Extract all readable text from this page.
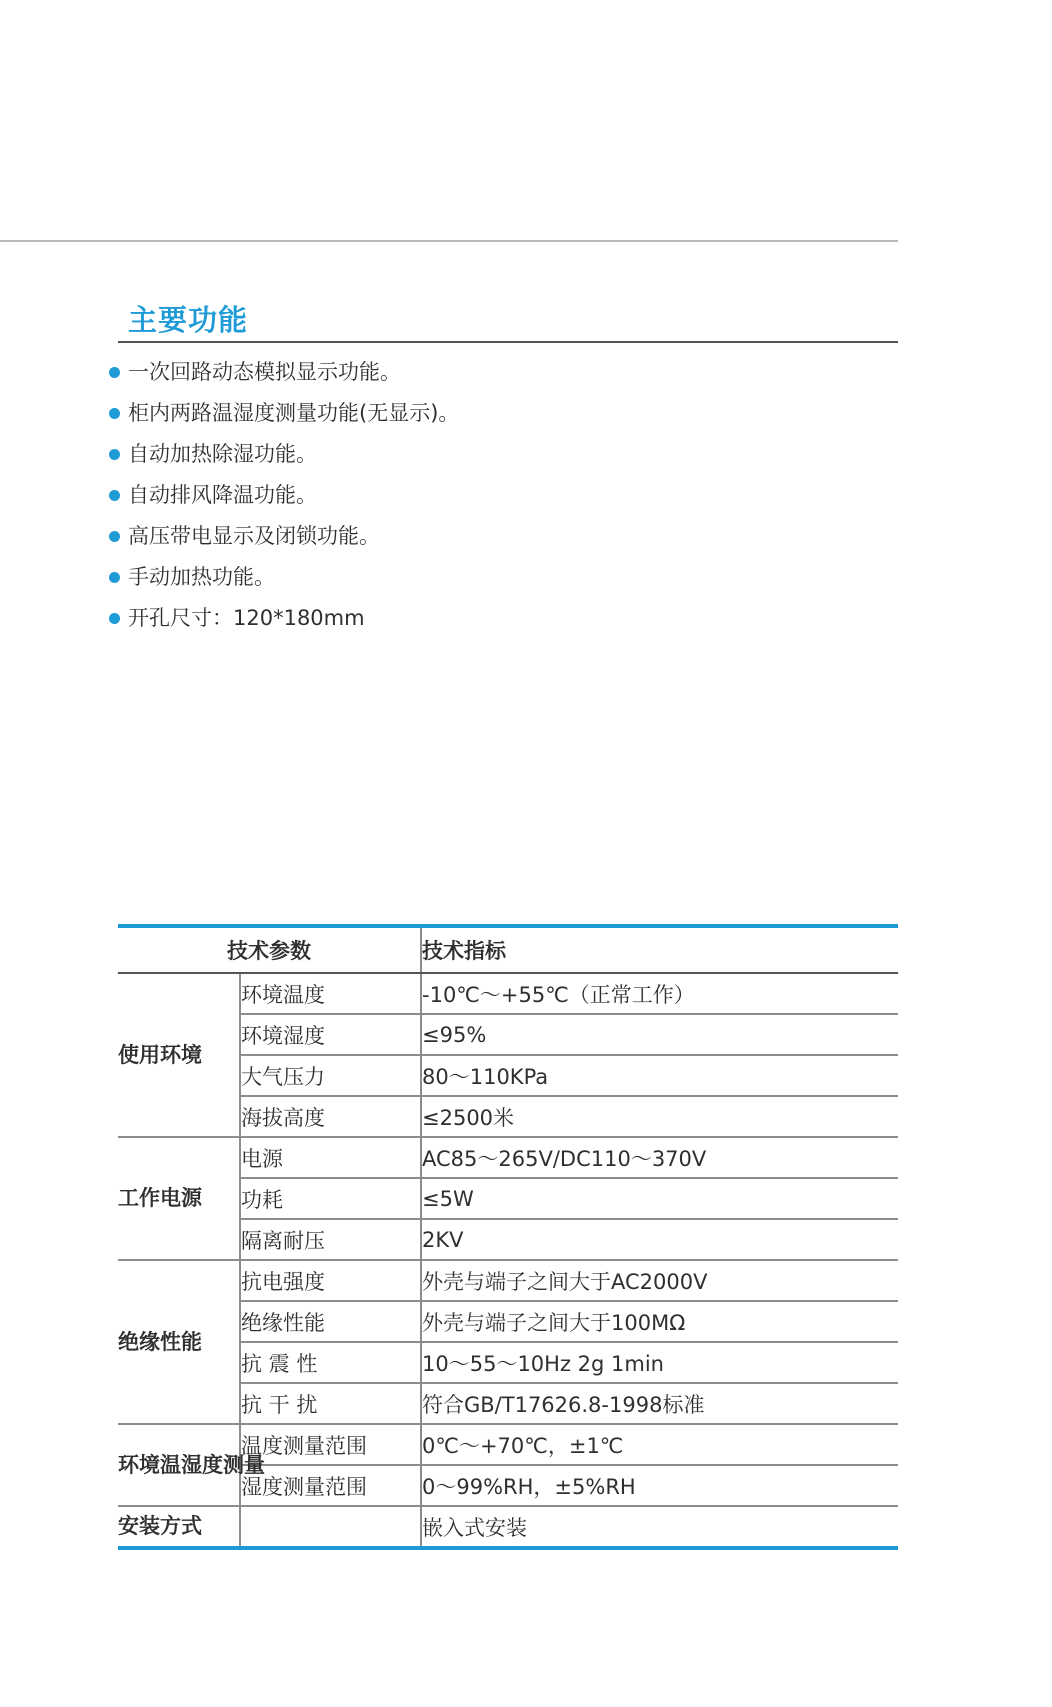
主要功能
一次回路动态模拟显示功能。
柜内两路温湿度测量功能(无显示)。
自动加热除湿功能。
自动排风降温功能。
高压带电显示及闭锁功能。
手动加热功能。
开孔尺寸：120*180mm
技术参数		技术指标
使用环境	环境温度	-10℃～+55℃（正常工作）
	环境湿度	≤95%
	大气压力	80～110KPa
	海拔高度	≤2500米
工作电源	电源	AC85～265V/DC110～370V
	功耗	≤5W
	隔离耐压	2KV
绝缘性能	抗电强度	外壳与端子之间大于AC2000V
	绝缘性能	外壳与端子之间大于100MΩ
	抗 震 性	10～55～10Hz 2g 1min
	抗 干 扰	符合GB/T17626.8-1998标准
环境温湿度测量	温度测量范围	0℃～+70℃，±1℃
	湿度测量范围	0～99%RH，±5%RH
安装方式		嵌入式安装
